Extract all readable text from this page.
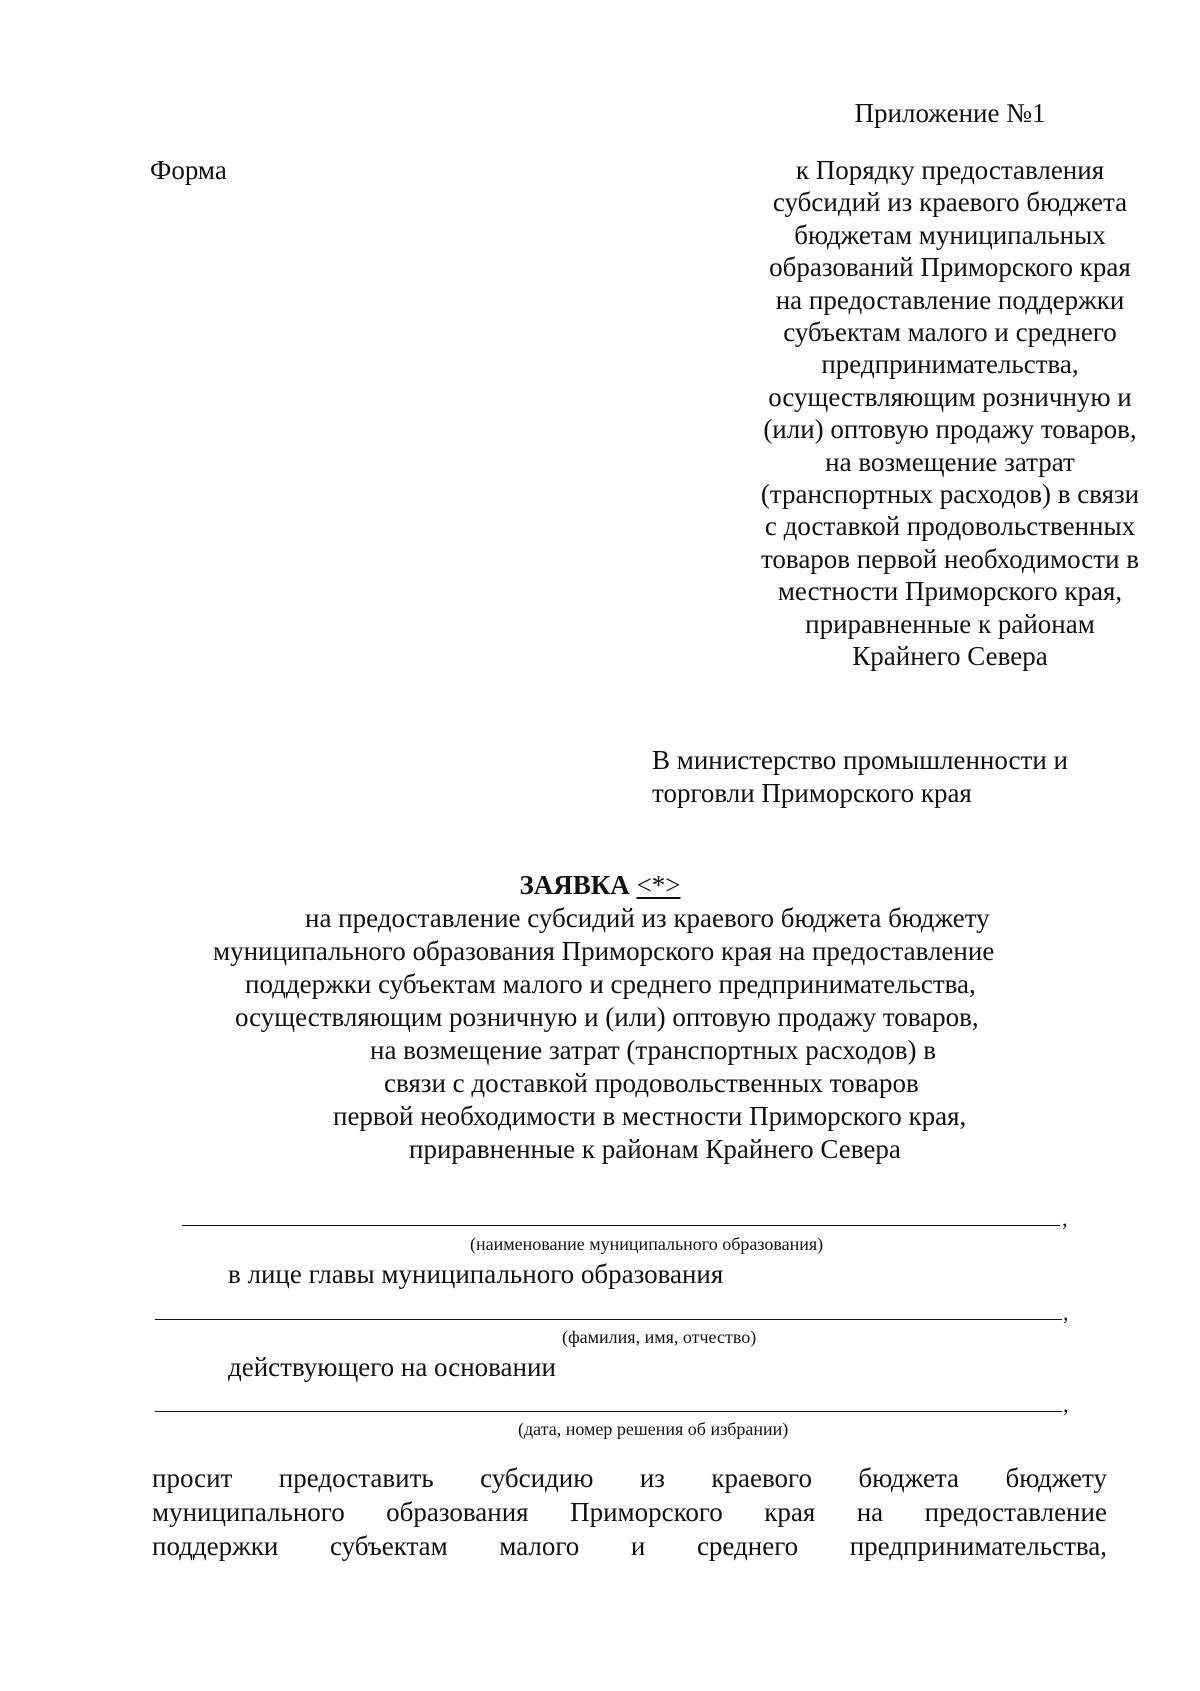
Приложение №1
Форма	к Порядку предоставления
субсидий из краевого бюджета
бюджетам муниципальных
образований Приморского края
на предоставление поддержки
субъектам малого и среднего
предпринимательства,
осуществляющим розничную и
(или) оптовую продажу товаров,
на возмещение затрат
(транспортных расходов) в связи
с доставкой продовольственных
товаров первой необходимости в
местности Приморского края,
приравненные к районам
Крайнего Севера
В министерство промышленности и
торговли Приморского края
ЗАЯВКА <*>
на предоставление субсидий из краевого бюджета бюджету
муниципального образования Приморского края на предоставление
поддержки субъектам малого и среднего предпринимательства,
осуществляющим розничную и (или) оптовую продажу товаров,
на возмещение затрат (транспортных расходов) в
связи с доставкой продовольственных товаров
первой необходимости в местности Приморского края,
приравненные к районам Крайнего Севера
,
(наименование муниципального образования)
в лице главы муниципального образования
,
(фамилия, имя, отчество)
действующего на основании
,
(дата, номер решения об избрании)
просит предоставить субсидию из краевого бюджета бюджету
муниципального образования Приморского края на предоставление
поддержки субъектам малого и среднего предпринимательства,
